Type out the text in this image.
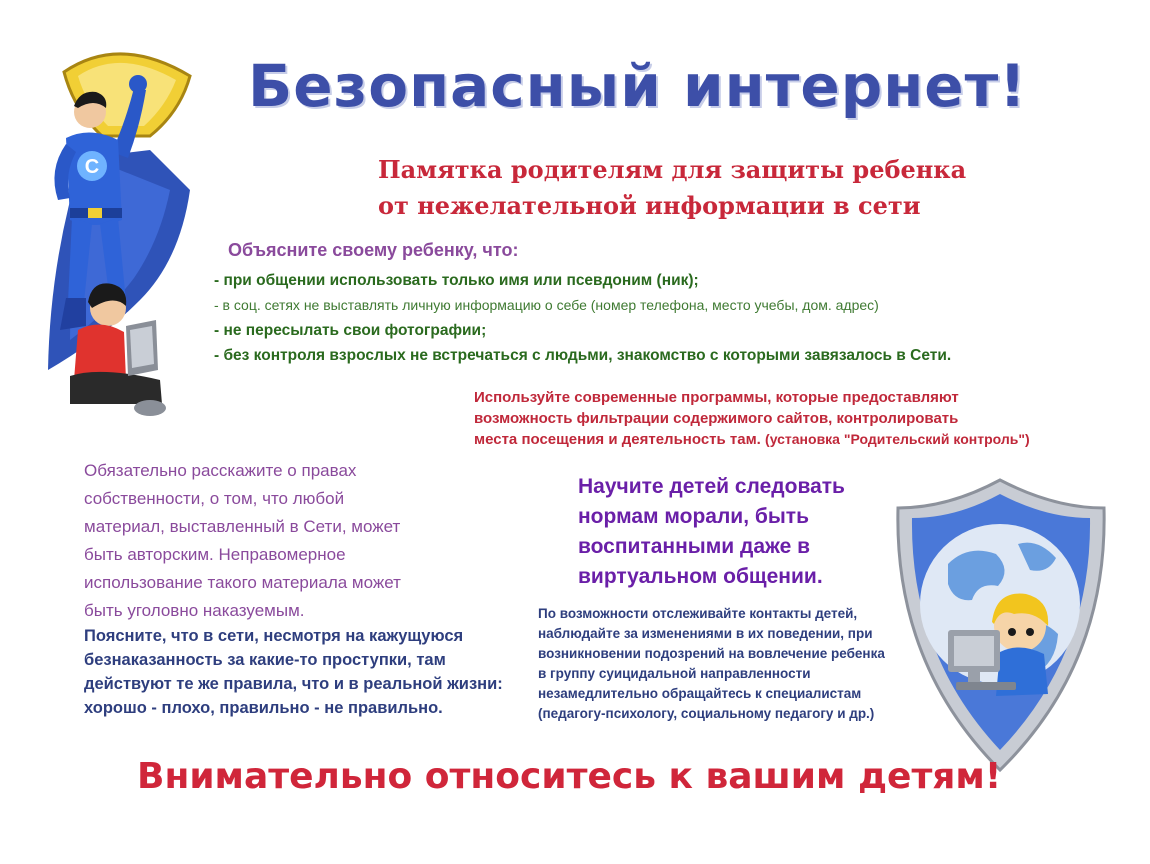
С
Безопасный интернет!
Памятка родителям для защиты ребенка
от нежелательной информации в сети
Объясните своему ребенку, что:
- при общении использовать только имя или псевдоним (ник);
- в соц. сетях не выставлять личную информацию о себе (номер телефона, место учебы, дом. адрес)
- не пересылать свои фотографии;
- без контроля взрослых не встречаться с людьми, знакомство с которыми завязалось в Сети.
Используйте современные программы, которые предоставляют
возможность фильтрации содержимого сайтов, контролировать
места посещения и деятельность там. (установка "Родительский контроль")
Обязательно расскажите о правах
собственности, о том, что любой
материал, выставленный в Сети, может
быть авторским. Неправомерное
использование такого материала может
быть уголовно наказуемым.
Поясните, что в сети, несмотря на кажущуюся
безнаказанность за какие-то проступки, там
действуют те же правила, что и в реальной жизни:
хорошо - плохо, правильно - не правильно.
Научите детей следовать
нормам морали, быть
воспитанными даже в
виртуальном общении.
По возможности отслеживайте контакты детей,
наблюдайте за изменениями в их поведении, при
возникновении подозрений на вовлечение ребенка
в группу суицидальной направленности
незамедлительно обращайтесь к специалистам
(педагогу-психологу, социальному педагогу и др.)
Внимательно относитесь к вашим детям!
